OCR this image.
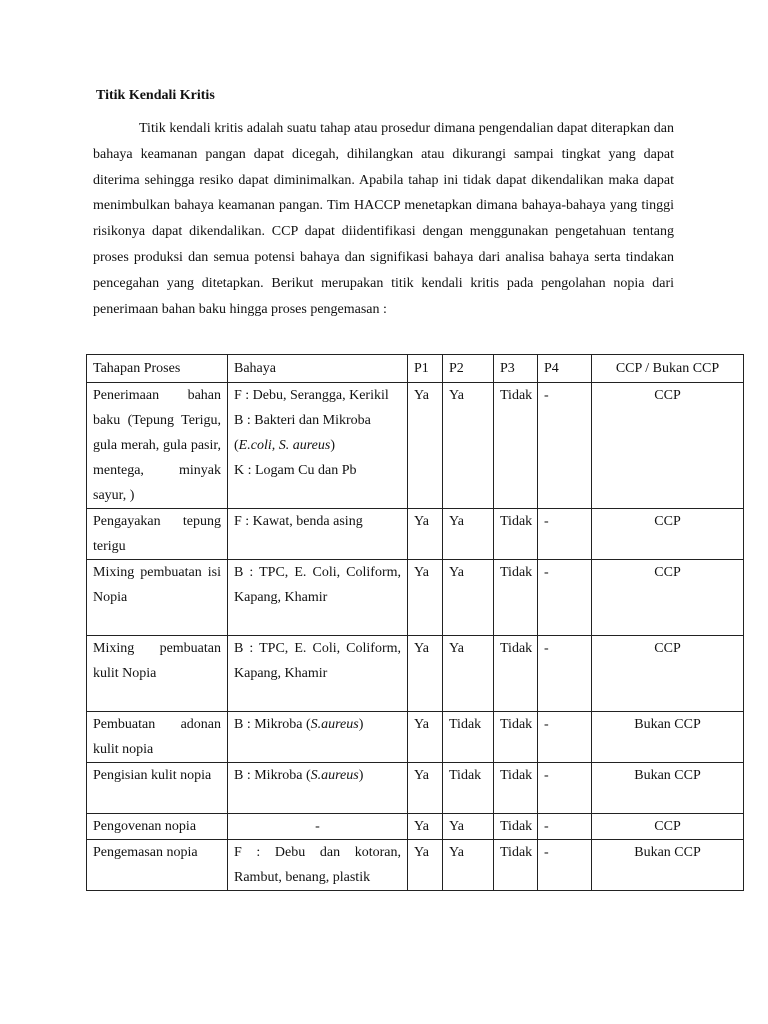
Titik Kendali Kritis

Titik kendali kritis adalah suatu tahap atau prosedur dimana pengendalian dapat diterapkan dan bahaya keamanan pangan dapat dicegah, dihilangkan atau dikurangi sampai tingkat yang dapat diterima sehingga resiko dapat diminimalkan. Apabila tahap ini tidak dapat dikendalikan maka dapat menimbulkan bahaya keamanan pangan. Tim HACCP menetapkan dimana bahaya-bahaya yang tinggi risikonya dapat dikendalikan. CCP dapat diidentifikasi dengan menggunakan pengetahuan tentang proses produksi dan semua potensi bahaya dan signifikasi bahaya dari analisa bahaya serta tindakan pencegahan yang ditetapkan. Berikut merupakan titik kendali kritis pada pengolahan nopia dari penerimaan bahan baku hingga proses pengemasan :

Tahapan Proses	Bahaya	P1	P2	P3	P4	CCP / Bukan CCP
Penerimaan bahan baku (Tepung Terigu, gula merah, gula pasir, mentega, minyak sayur, )	F : Debu, Serangga, Kerikil
B : Bakteri dan Mikroba
(E.coli, S. aureus)
K : Logam Cu dan Pb	Ya	Ya	Tidak	-	CCP
Pengayakan tepung terigu	F : Kawat, benda asing	Ya	Ya	Tidak	-	CCP
Mixing pembuatan isi Nopia	B : TPC, E. Coli, Coliform, Kapang, Khamir	Ya	Ya	Tidak	-	CCP
Mixing pembuatan kulit Nopia	B : TPC, E. Coli, Coliform, Kapang, Khamir	Ya	Ya	Tidak	-	CCP
Pembuatan adonan kulit nopia	B : Mikroba (S.aureus)	Ya	Tidak	Tidak	-	Bukan CCP
Pengisian kulit nopia	B : Mikroba (S.aureus)	Ya	Tidak	Tidak	-	Bukan CCP
Pengovenan nopia	-	Ya	Ya	Tidak	-	CCP
Pengemasan nopia	F : Debu dan kotoran, Rambut, benang, plastik	Ya	Ya	Tidak	-	Bukan CCP
